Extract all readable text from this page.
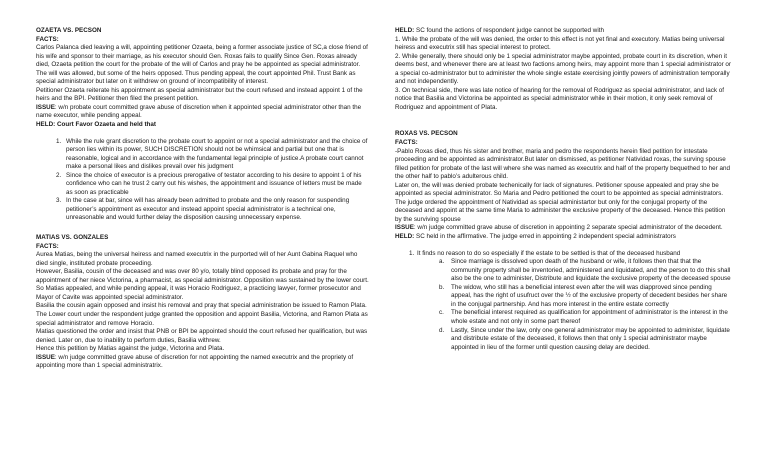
OZAETA VS. PECSON

FACTS:

Carlos Palanca died leaving a will, appointing petitioner Ozaeta, being a former associate justice of SC,a close friend of his wife and sponsor to their marriage, as his executor should Gen. Roxas fails to qualify Since Gen. Roxas already died, Ozaeta petition the court for the probate of the will of Carlos and pray he be appointed as special administrator. The will was allowed, but some of the heirs opposed. Thus pending appeal, the court appointed Phil. Trust Bank as special administrator but later on it withdrew on ground of incompatibility of interest.

Petitioner Ozaeta reiterate his appointment as special administrator but the court refused and instead appoint 1 of the heirs and the BPI. Petitioner then filed the present petition.

ISSUE: w/n probate court committed grave abuse of discretion when it appointed special administrator other than the name executor, while pending appeal.

HELD: Court Favor Ozaeta and held that

1. While the rule grant discretion to the probate court to appoint or not a special administrator and the choice of person lies within its power, SUCH DISCRETION should not be whimsical and partial but one that is reasonable, logical and in accordance with the fundamental legal principle of justice.A probate court cannot make a personal likes and dislikes prevail over his judgment
2. Since the choice of executor is a precious prerogative of testator according to his desire to appoint 1 of his confidence who can he trust 2 carry out his wishes, the appointment and issuance of letters must be made as soon as practicable
3. In the case at bar, since will has already been admitted to probate and the only reason for suspending petitioner’s appointment as executor and instead appoint special administrator is a technical one, unreasonable and would further delay the disposition causing unnecessary expense.

MATIAS VS. GONZALES

FACTS:

Aurea Matias, being the universal heiress and named executrix in the purported will of her Aunt Gabina Raquel who died single, instituted probate proceeding.

However, Basilia, cousin of the deceased and was over 80 y/o, totally blind opposed its probate and pray for the appointment of her niece Victorina, a pharmacist, as special administrator. Opposition was sustained by the lower court. So Matias appealed, and while pending appeal, it was Horacio Rodriguez, a practicing lawyer, former prosecutor and Mayor of Cavite was appointed special administrator.

Basilia the cousin again opposed and insist his removal and pray that special administration be issued to Ramon Plata. The Lower court under the respondent judge granted the opposition and appoint Basilia, Victorina, and Ramon Plata as special administrator and remove Horacio.

Matias questioned the order and insist that PNB or BPI be appointed should the court refused her qualification, but was denied. Later on, due to inability to perform duties, Basilia withrew.

Hence this petition by Matias against the judge, Victorina and Plata.

ISSUE: w/n judge committed grave abuse of discretion for not appointing the named executrix and the propriety of appointing more than 1 special administratrix.

HELD: SC found the actions of respondent judge cannot be supported with

1. While the probate of the will was denied, the order to this effect is not yet final and executory. Matias being universal heiress and executrix still has special interest to protect.

2. While generally, there should only be 1 special administrator maybe appointed, probate court in its discretion, when it deems best, and whenever there are at least two factions among heirs, may appoint more than 1 special administrator or a special co-administrator but to administer the whole single estate exercising jointly powers of administration temporally and not independently.

3. On technical side, there was late notice of hearing for the removal of Rodriguez as special administrator, and lack of notice that Basilia and Victorina be appointed as special administrator while in their motion, it only seek removal of Rodriguez and appointment of Plata.

ROXAS VS. PECSON

FACTS:

-Pablo Roxas died, thus his sister and brother, maria and pedro the respondents herein filed petition for intestate proceeding and be appointed as administrator.But later on dismissed, as petitioner Natividad roxas, the surving spouse filled petition for probate of the last will where she was named as executrix and half of the property bequethed to her and the other half to pablo’s adulterous child.

Later on, the will was denied probate techenically for lack of signatures. Petitioner spouse appealed and pray she be appointed as special administrator. So Maria and Pedro petitioned the court to be appointed as special administrators.

The judge ordered the appointment of Natividad as special administartor but only for the conjugal property of the deceased and appoint at the same time Maria to administer the exclusive property of the deceased. Hence this petition by the surviving spouse

ISSUE: w/n judge committed grave abuse of discretion in appointing 2 separate special administrator of the decedent.

HELD: SC held in the affirmative. The judge erred in appointing 2 independent special administrators

1. It finds no reason to do so especially if the estate to be settled is that of the deceased husband
a. Since marriage is dissolved upon death of the husband or wife, it follows then that that the community property shall be inventoried, administered and liquidated, and the person to do this shall also be the one to administer, Distribute and liquidate the exclusive property of the deceased spouse
b. The widow, who still has a beneficial interest even after the will was diapproved since pending appeal, has the right of usufruct over the ½ of the exclusive property of decedent besides her share in the conjugal partnership. And has more interest in the entire estate correctly
c. The beneficial interest required as qualification for appointment of administrator is the interest in the whole estate and not only in some part thereof
d. Lastly, Since under the law, only one general administrator may be appointed to administer, liquidate and distribute estate of the deceased, it follows then that only 1 special administrator maybe appointed in lieu of the former until question causing delay are decided.
